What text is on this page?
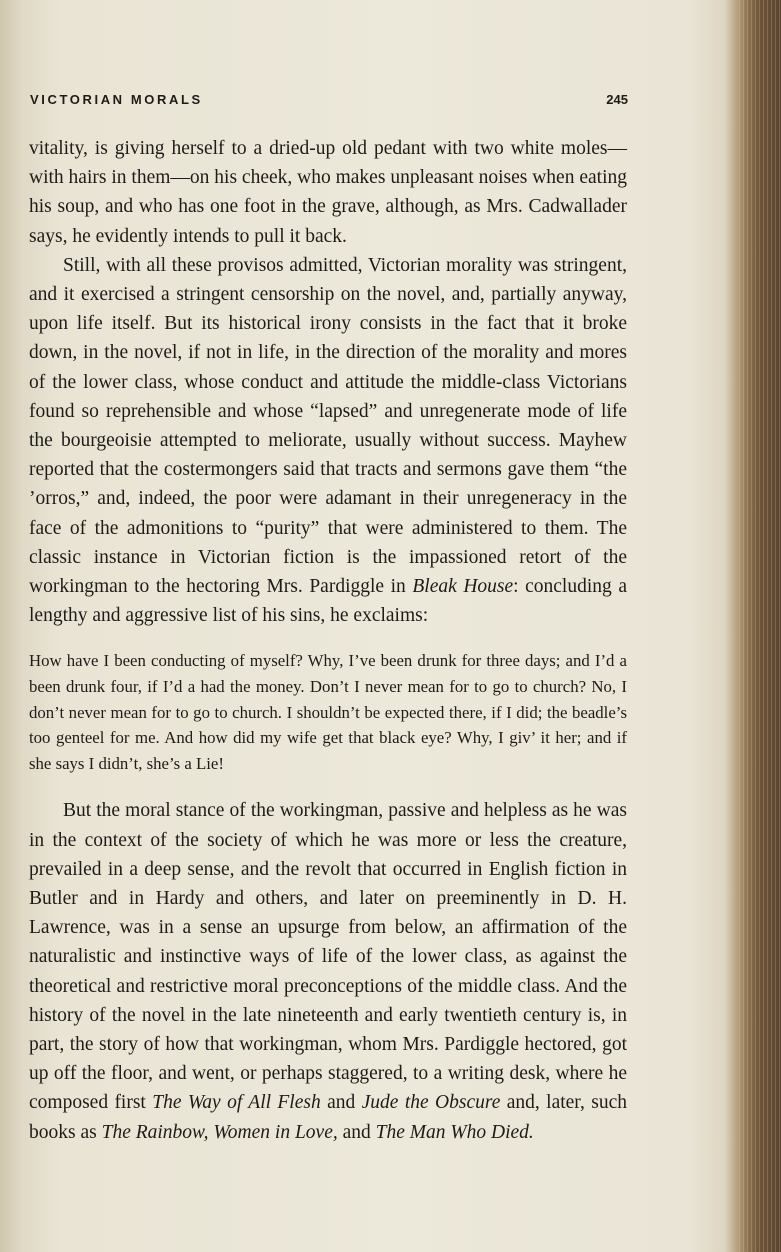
VICTORIAN MORALS	245

vitality, is giving herself to a dried-up old pedant with two white moles—with hairs in them—on his cheek, who makes unpleasant noises when eating his soup, and who has one foot in the grave, although, as Mrs. Cadwallader says, he evidently intends to pull it back.

Still, with all these provisos admitted, Victorian morality was stringent, and it exercised a stringent censorship on the novel, and, partially anyway, upon life itself. But its historical irony consists in the fact that it broke down, in the novel, if not in life, in the direction of the morality and mores of the lower class, whose conduct and attitude the middle-class Victorians found so reprehensible and whose “lapsed” and unregenerate mode of life the bourgeoisie attempted to meliorate, usually without success. Mayhew reported that the costermongers said that tracts and sermons gave them “the ’orros,” and, indeed, the poor were adamant in their unregeneracy in the face of the admonitions to “purity” that were administered to them. The classic instance in Victorian fiction is the impassioned retort of the workingman to the hectoring Mrs. Pardiggle in Bleak House: concluding a lengthy and aggressive list of his sins, he exclaims:

How have I been conducting of myself? Why, I’ve been drunk for three days; and I’d a been drunk four, if I’d a had the money. Don’t I never mean for to go to church? No, I don’t never mean for to go to church. I shouldn’t be expected there, if I did; the beadle’s too genteel for me. And how did my wife get that black eye? Why, I giv’ it her; and if she says I didn’t, she’s a Lie!

But the moral stance of the workingman, passive and helpless as he was in the context of the society of which he was more or less the creature, prevailed in a deep sense, and the revolt that occurred in English fiction in Butler and in Hardy and others, and later on preeminently in D. H. Lawrence, was in a sense an upsurge from below, an affirmation of the naturalistic and instinctive ways of life of the lower class, as against the theoretical and restrictive moral preconceptions of the middle class. And the history of the novel in the late nineteenth and early twentieth century is, in part, the story of how that workingman, whom Mrs. Pardiggle hectored, got up off the floor, and went, or perhaps staggered, to a writing desk, where he composed first The Way of All Flesh and Jude the Obscure and, later, such books as The Rainbow, Women in Love, and The Man Who Died.
